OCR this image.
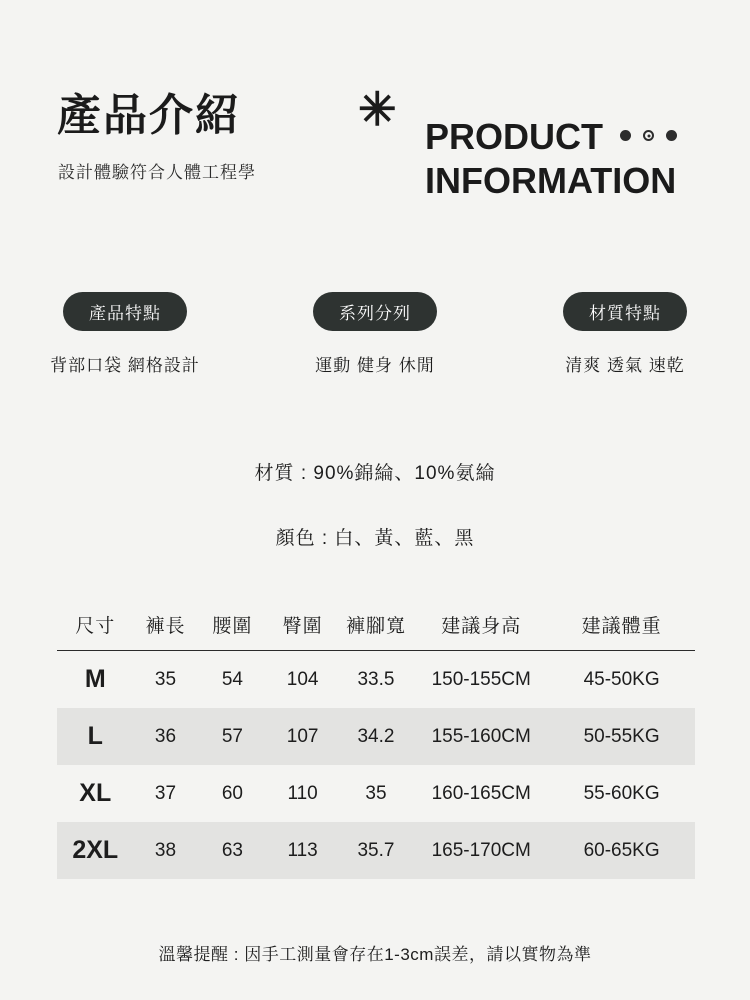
產品介紹
設計體驗符合人體工程學
✳
PRODUCT
INFORMATION
產品特點
背部口袋 網格設計
系列分列
運動 健身 休閒
材質特點
清爽 透氣 速乾
材質 : 90%錦綸、10%氨綸
顏色 : 白、黃、藍、黑
尺寸	褲長	腰圍	臀圍	褲腳寬	建議身高	建議體重
M	35	54	104	33.5	150-155CM	45-50KG
L	36	57	107	34.2	155-160CM	50-55KG
XL	37	60	110	35	160-165CM	55-60KG
2XL	38	63	113	35.7	165-170CM	60-65KG
溫馨提醒 : 因手工測量會存在1-3cm誤差，請以實物為準
